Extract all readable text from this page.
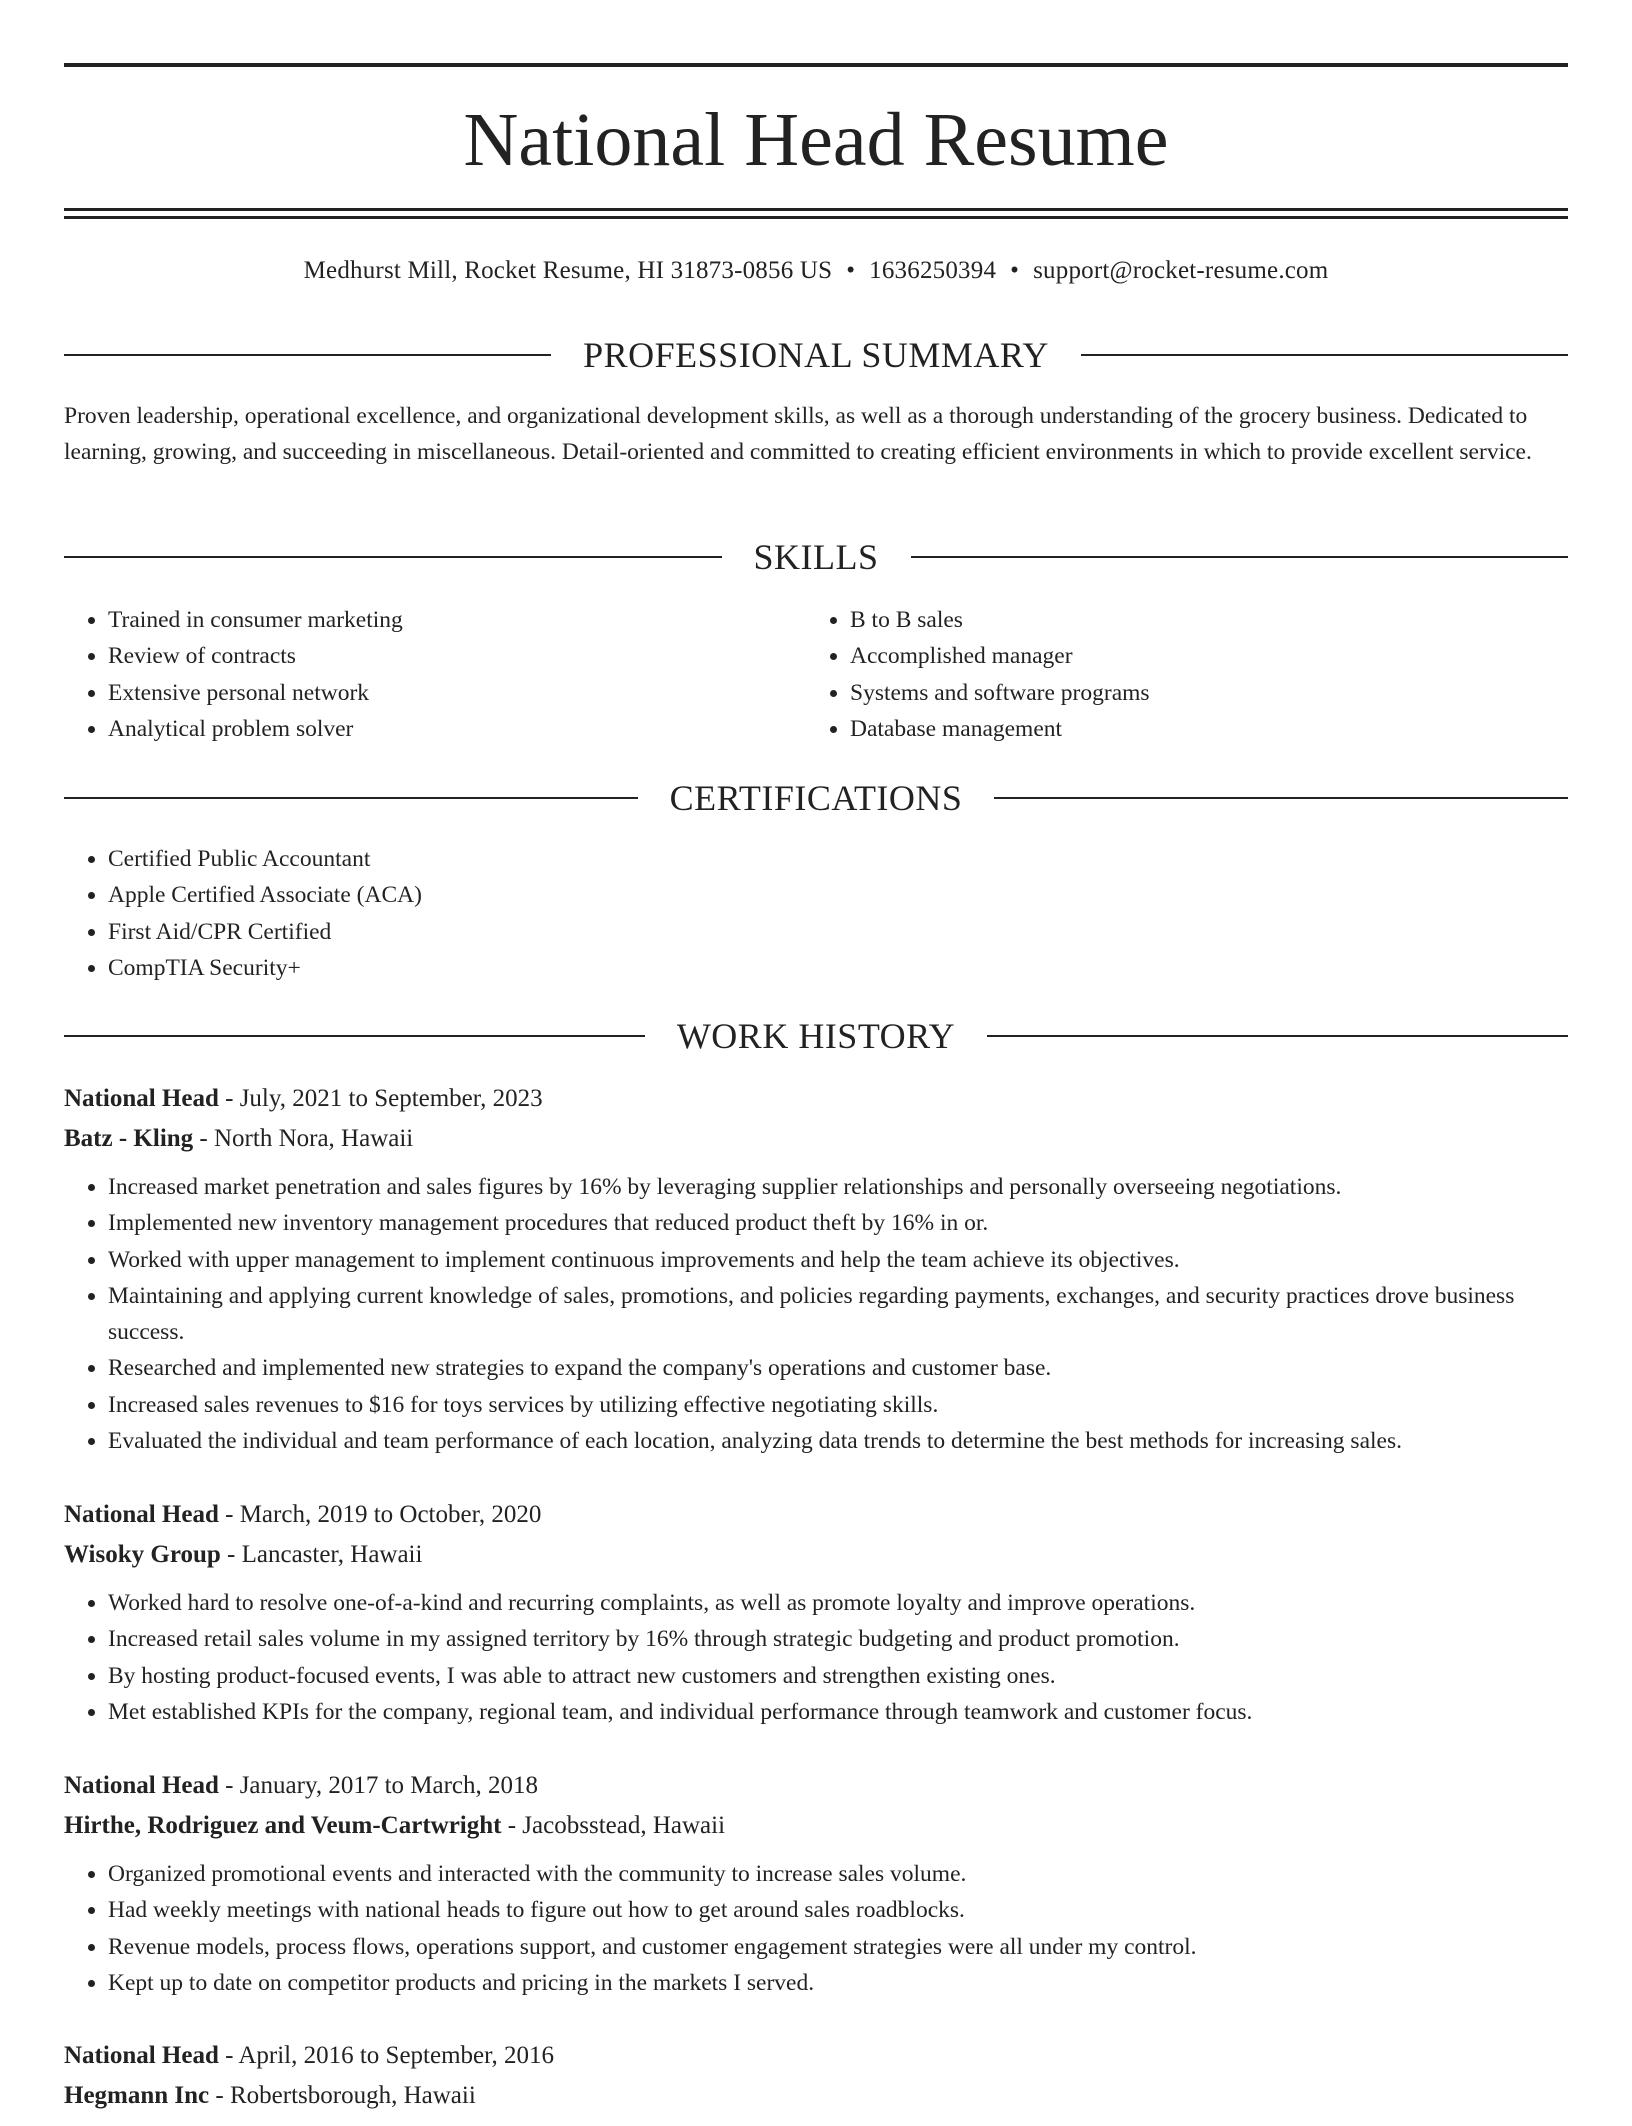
National Head Resume
Medhurst Mill, Rocket Resume, HI 31873-0856 US • 1636250394 • support@rocket-resume.com
PROFESSIONAL SUMMARY

Proven leadership, operational excellence, and organizational development skills, as well as a thorough understanding of the grocery business. Dedicated to learning, growing, and succeeding in miscellaneous. Detail-oriented and committed to creating efficient environments in which to provide excellent service.

SKILLS
• Trained in consumer marketing
• Review of contracts
• Extensive personal network
• Analytical problem solver
• B to B sales
• Accomplished manager
• Systems and software programs
• Database management
CERTIFICATIONS
• Certified Public Accountant
• Apple Certified Associate (ACA)
• First Aid/CPR Certified
• CompTIA Security+
WORK HISTORY
National Head - July, 2021 to September, 2023
Batz - Kling - North Nora, Hawaii
• Increased market penetration and sales figures by 16% by leveraging supplier relationships and personally overseeing negotiations.
• Implemented new inventory management procedures that reduced product theft by 16% in or.
• Worked with upper management to implement continuous improvements and help the team achieve its objectives.
• Maintaining and applying current knowledge of sales, promotions, and policies regarding payments, exchanges, and security practices drove business success.
• Researched and implemented new strategies to expand the company's operations and customer base.
• Increased sales revenues to $16 for toys services by utilizing effective negotiating skills.
• Evaluated the individual and team performance of each location, analyzing data trends to determine the best methods for increasing sales.
National Head - March, 2019 to October, 2020
Wisoky Group - Lancaster, Hawaii
• Worked hard to resolve one-of-a-kind and recurring complaints, as well as promote loyalty and improve operations.
• Increased retail sales volume in my assigned territory by 16% through strategic budgeting and product promotion.
• By hosting product-focused events, I was able to attract new customers and strengthen existing ones.
• Met established KPIs for the company, regional team, and individual performance through teamwork and customer focus.
National Head - January, 2017 to March, 2018
Hirthe, Rodriguez and Veum-Cartwright - Jacobsstead, Hawaii
• Organized promotional events and interacted with the community to increase sales volume.
• Had weekly meetings with national heads to figure out how to get around sales roadblocks.
• Revenue models, process flows, operations support, and customer engagement strategies were all under my control.
• Kept up to date on competitor products and pricing in the markets I served.
National Head - April, 2016 to September, 2016
Hegmann Inc - Robertsborough, Hawaii
